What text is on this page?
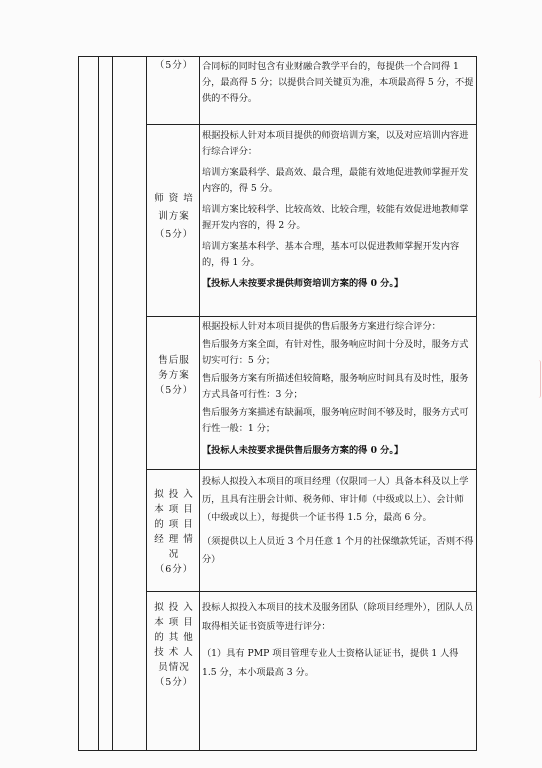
（5分） 合同标的同时包含有业财融合教学平台的，每提供一个合同得 1 分，最高得 5 分；以提供合同关键页为准，本项最高得 5 分，不提供的不得分。

师 资 培
训方案
（5分）

根据投标人针对本项目提供的师资培训方案，以及对应培训内容进行综合评分：

培训方案最科学、最高效、最合理，最能有效地促进教师掌握开发内容的，得 5 分。

培训方案比较科学、比较高效、比较合理，较能有效促进地教师掌握开发内容的，得 2 分。

培训方案基本科学、基本合理，基本可以促进教师掌握开发内容的，得 1 分。

【投标人未按要求提供师资培训方案的得 0 分。】

售后服
务方案
（5分）

根据投标人针对本项目提供的售后服务方案进行综合评分：

售后服务方案全面，有针对性，服务响应时间十分及时，服务方式切实可行：5 分；

售后服务方案有所描述但较简略，服务响应时间具有及时性，服务方式具备可行性：3 分；

售后服务方案描述有缺漏项，服务响应时间不够及时，服务方式可行性一般：1 分；

【投标人未按要求提供售后服务方案的得 0 分。】

拟 投 入
本 项 目
的 项 目
经 理 情
况
（6分）

投标人拟投入本项目的项目经理（仅限同一人）具备本科及以上学历，且具有注册会计师、税务师、审计师（中级或以上）、会计师（中级或以上），每提供一个证书得 1.5 分，最高 6 分。

（须提供以上人员近 3 个月任意 1 个月的社保缴款凭证，否则不得分）

拟 投 入
本 项 目
的 其 他
技 术 人
员情况
（5分）

投标人拟投入本项目的技术及服务团队（除项目经理外），团队人员取得相关证书资质等进行评分：

（1）具有 PMP 项目管理专业人士资格认证证书，提供 1 人得 1.5 分，本小项最高 3 分。
